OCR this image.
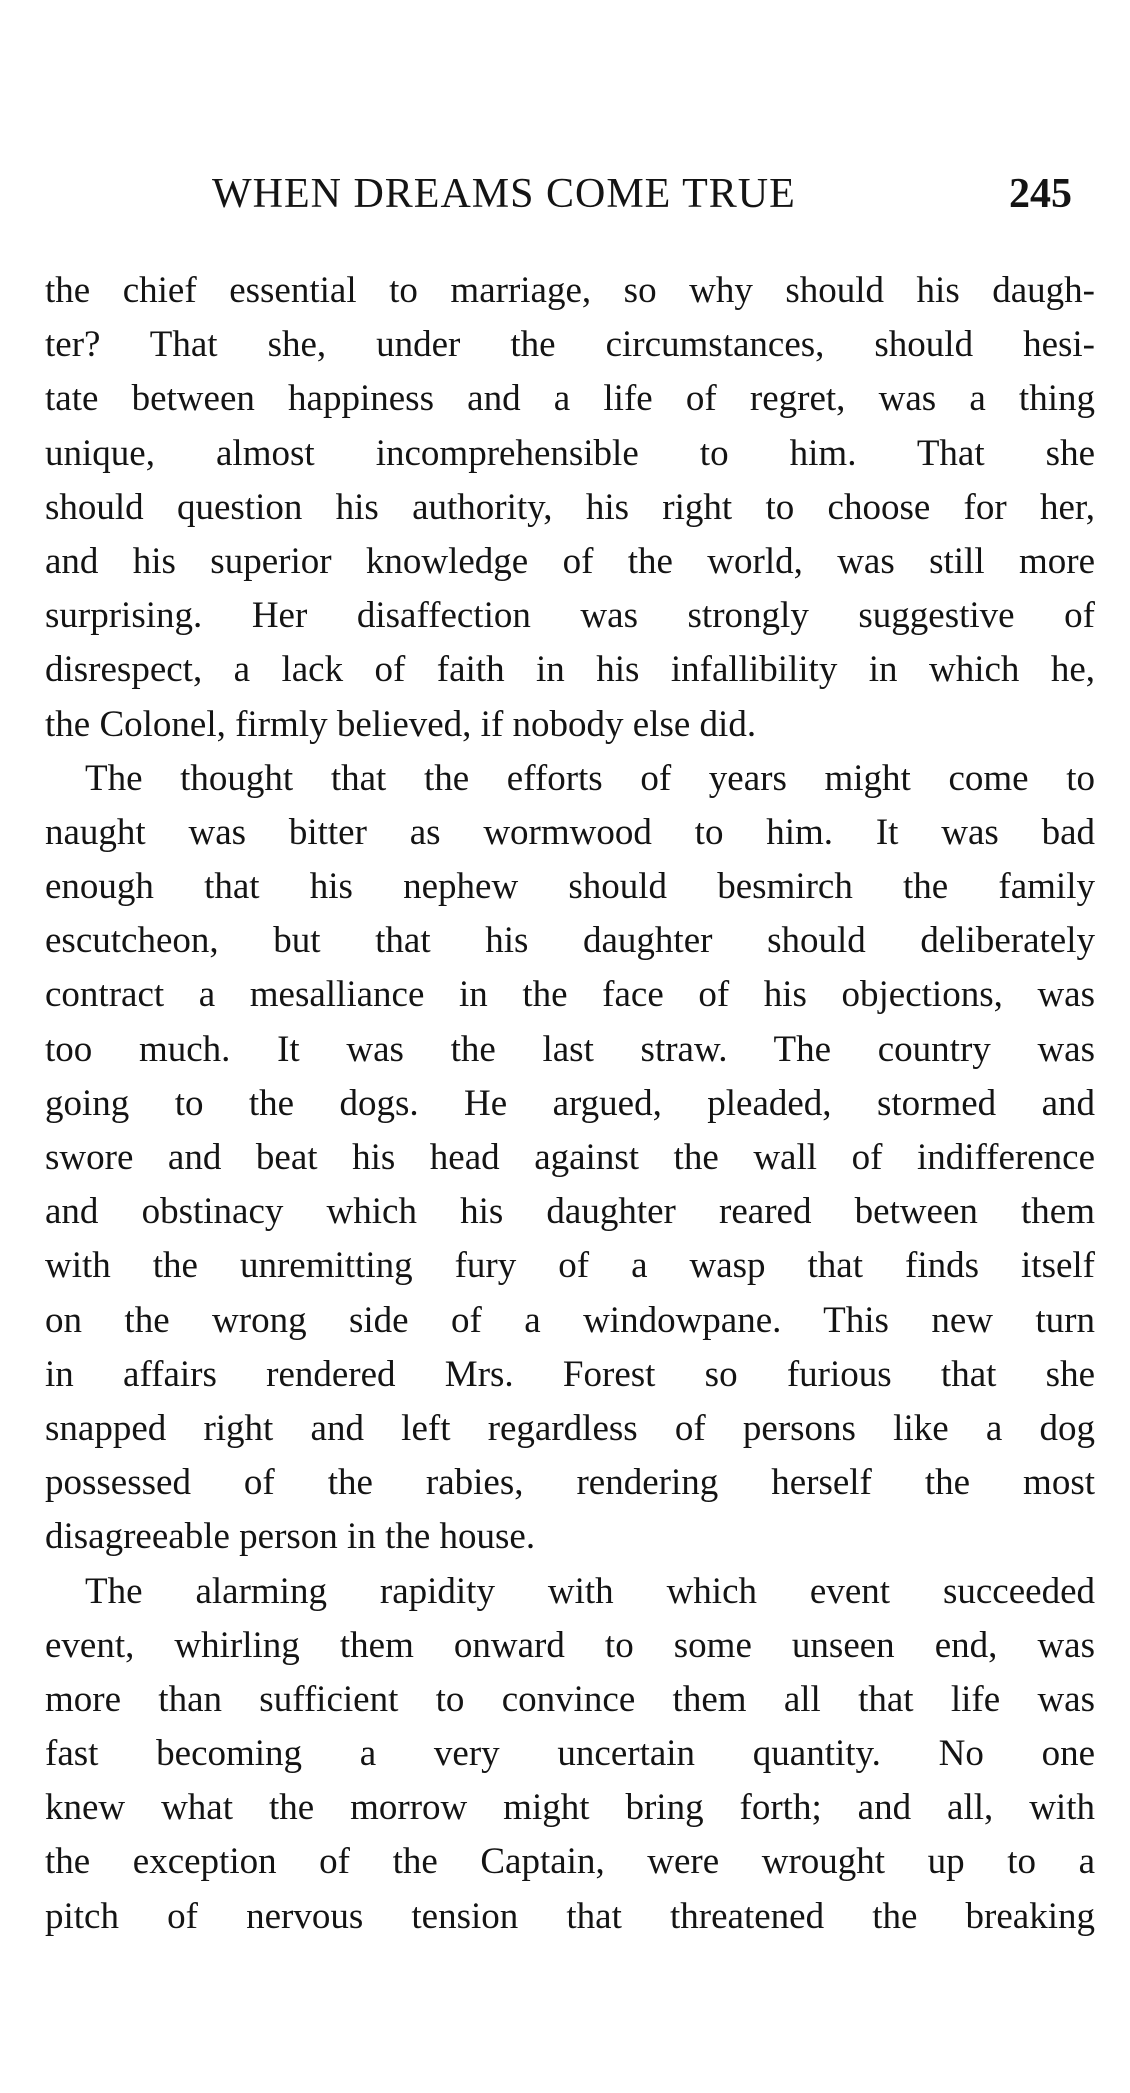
WHEN DREAMS COME TRUE	245
the chief essential to marriage, so why should his daugh-
ter? That she, under the circumstances, should hesi-
tate between happiness and a life of regret, was a thing
unique, almost incomprehensible to him. That she
should question his authority, his right to choose for her,
and his superior knowledge of the world, was still more
surprising. Her disaffection was strongly suggestive of
disrespect, a lack of faith in his infallibility in which he,
the Colonel, firmly believed, if nobody else did.
The thought that the efforts of years might come to
naught was bitter as wormwood to him. It was bad
enough that his nephew should besmirch the family
escutcheon, but that his daughter should deliberately
contract a mesalliance in the face of his objections, was
too much. It was the last straw. The country was
going to the dogs. He argued, pleaded, stormed and
swore and beat his head against the wall of indifference
and obstinacy which his daughter reared between them
with the unremitting fury of a wasp that finds itself
on the wrong side of a windowpane. This new turn
in affairs rendered Mrs. Forest so furious that she
snapped right and left regardless of persons like a dog
possessed of the rabies, rendering herself the most
disagreeable person in the house.
The alarming rapidity with which event succeeded
event, whirling them onward to some unseen end, was
more than sufficient to convince them all that life was
fast becoming a very uncertain quantity. No one
knew what the morrow might bring forth; and all, with
the exception of the Captain, were wrought up to a
pitch of nervous tension that threatened the breaking
